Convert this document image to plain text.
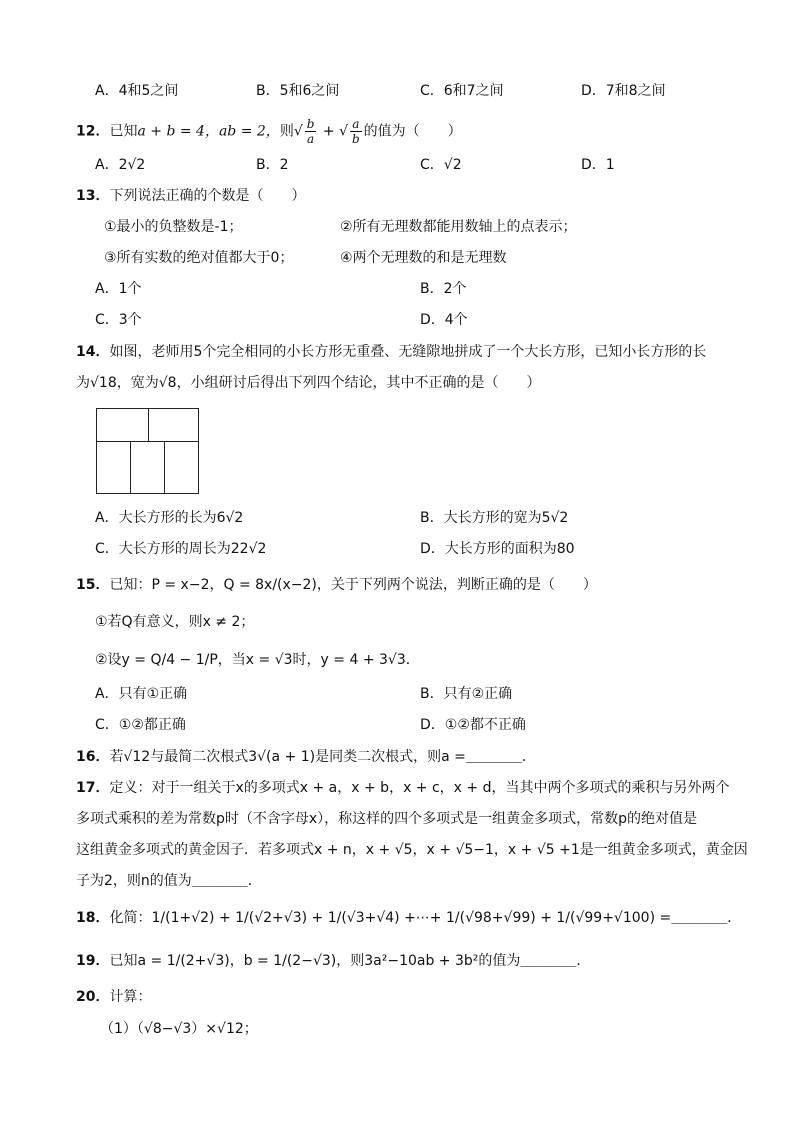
A．4和5之间	B．5和6之间	C．6和7之间	D．7和8之间
12．已知a + b = 4，ab = 2，则√ $\frac{b}{a}$ + √ $\frac{a}{b}$ 的值为（　　）
A．2√2	B．2	C．√2	D．1
13．下列说法正确的个数是（　　）
①最小的负整数是-1；	②所有无理数都能用数轴上的点表示；
③所有实数的绝对值都大于0；	④两个无理数的和是无理数
A．1个	B．2个
C．3个	D．4个
14．如图，老师用5个完全相同的小长方形无重叠、无缝隙地拼成了一个大长方形，已知小长方形的长
为√18，宽为√8，小组研讨后得出下列四个结论，其中不正确的是（　　）
A．大长方形的长为6√2	B．大长方形的宽为5√2
C．大长方形的周长为22√2	D．大长方形的面积为80
15．已知：P = x−2，Q = 8x/(x−2)，关于下列两个说法，判断正确的是（　　）
①若Q有意义，则x ≠ 2；
②设y = Q/4 − 1/P，当x = √3时，y = 4 + 3√3．
A．只有①正确	B．只有②正确
C．①②都正确	D．①②都不正确
16．若√12与最简二次根式3√(a + 1)是同类二次根式，则a =＿＿＿＿．
17．定义：对于一组关于x的多项式x + a，x + b，x + c，x + d，当其中两个多项式的乘积与另外两个
多项式乘积的差为常数p时（不含字母x），称这样的四个多项式是一组黄金多项式，常数p的绝对值是
这组黄金多项式的黄金因子．若多项式x + n，x + √5，x + √5−1，x + √5 +1是一组黄金多项式，黄金因
子为2，则n的值为＿＿＿＿．
18．化简：1/(1+√2) + 1/(√2+√3) + 1/(√3+√4) +⋯+ 1/(√98+√99) + 1/(√99+√100) =＿＿＿＿．
19．已知a = 1/(2+√3)，b = 1/(2−√3)，则3a²−10ab + 3b²的值为＿＿＿＿．
20．计算：
（1）（√8−√3）×√12；
